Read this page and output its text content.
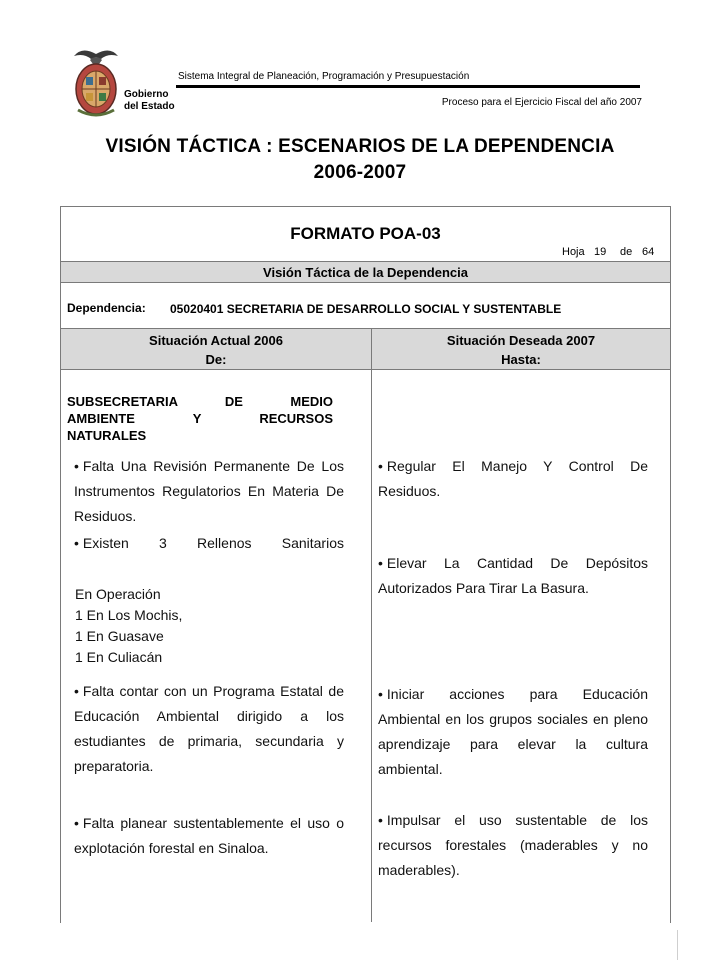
Gobierno
del Estado
Sistema Integral de Planeación, Programación y Presupuestación
Proceso para el Ejercicio Fiscal del año 2007
VISIÓN TÁCTICA : ESCENARIOS DE LA DEPENDENCIA
2006-2007
FORMATO POA-03
Hoja 19 de 64
Visión Táctica de la Dependencia
Dependencia: 05020401 SECRETARIA DE DESARROLLO SOCIAL Y SUSTENTABLE
Situación Actual 2006
De:
Situación Deseada 2007
Hasta:
SUBSECRETARIA DE MEDIO
AMBIENTE Y RECURSOS
NATURALES
• Falta Una Revisión Permanente De Los Instrumentos Regulatorios En Materia De Residuos.
• Existen 3 Rellenos Sanitarios
En Operación
1 En Los Mochis,
1 En Guasave
1 En Culiacán
• Falta contar con un Programa Estatal de Educación Ambiental dirigido a los estudiantes de primaria, secundaria y preparatoria.
• Falta planear sustentablemente el uso o explotación forestal en Sinaloa.
• Regular El Manejo Y Control De Residuos.
• Elevar La Cantidad De Depósitos Autorizados Para Tirar La Basura.
• Iniciar acciones para Educación Ambiental en los grupos sociales en pleno aprendizaje para elevar la cultura ambiental.
• Impulsar el uso sustentable de los recursos forestales (maderables y no maderables).
